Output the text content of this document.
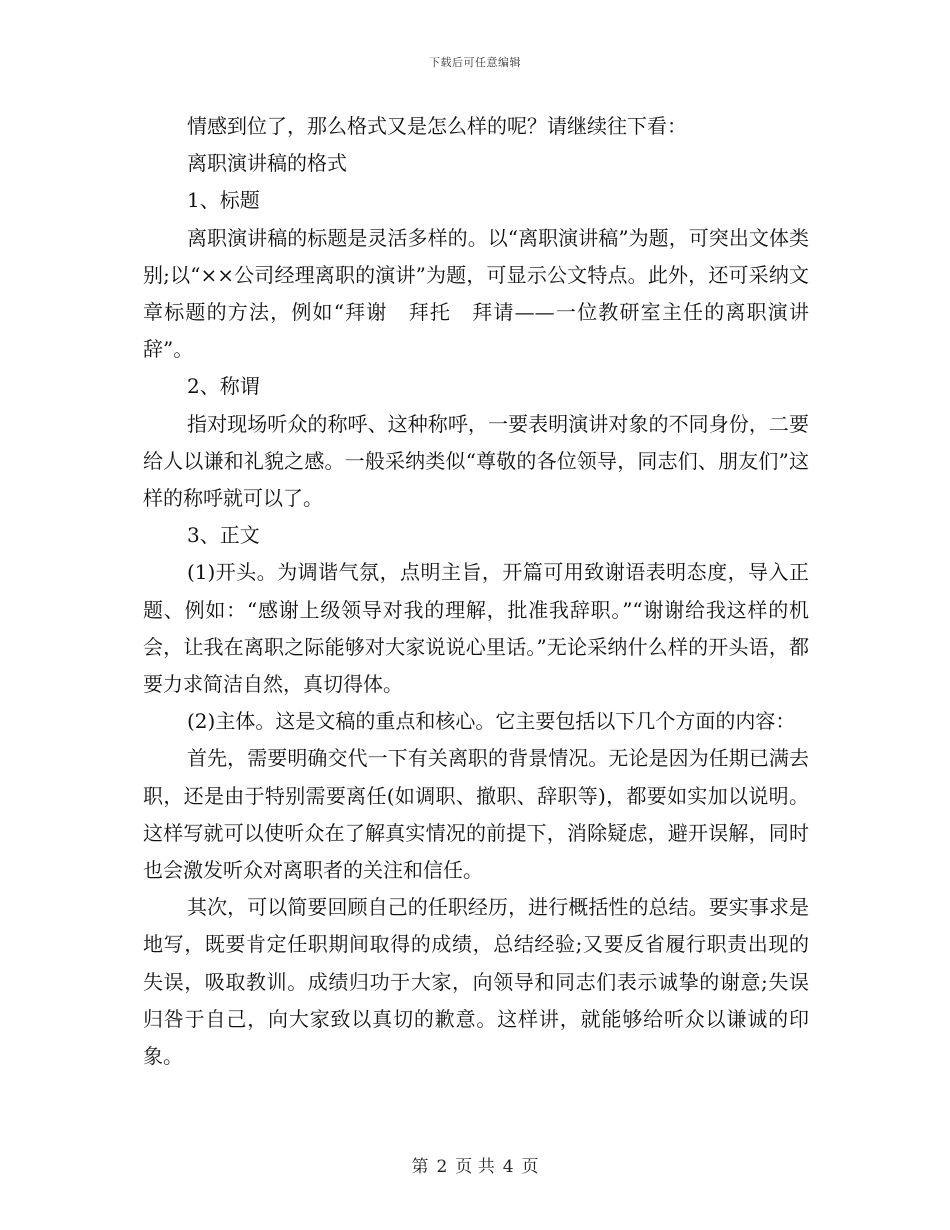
下载后可任意编辑

情感到位了，那么格式又是怎么样的呢？请继续往下看：

离职演讲稿的格式

1、标题

离职演讲稿的标题是灵活多样的。以“离职演讲稿”为题，可突出文体类别;以“××公司经理离职的演讲”为题，可显示公文特点。此外，还可采纳文章标题的方法，例如“拜谢　拜托　拜请——一位教研室主任的离职演讲辞”。

2、称谓

指对现场听众的称呼、这种称呼，一要表明演讲对象的不同身份，二要给人以谦和礼貌之感。一般采纳类似“尊敬的各位领导，同志们、朋友们”这样的称呼就可以了。

3、正文

(1)开头。为调谐气氛，点明主旨，开篇可用致谢语表明态度，导入正题、例如：“感谢上级领导对我的理解，批准我辞职。”“谢谢给我这样的机会，让我在离职之际能够对大家说说心里话。”无论采纳什么样的开头语，都要力求简洁自然，真切得体。

(2)主体。这是文稿的重点和核心。它主要包括以下几个方面的内容：

首先，需要明确交代一下有关离职的背景情况。无论是因为任期已满去职，还是由于特别需要离任(如调职、撤职、辞职等)，都要如实加以说明。这样写就可以使听众在了解真实情况的前提下，消除疑虑，避开误解，同时也会激发听众对离职者的关注和信任。

其次，可以简要回顾自己的任职经历，进行概括性的总结。要实事求是地写，既要肯定任职期间取得的成绩，总结经验;又要反省履行职责出现的失误，吸取教训。成绩归功于大家，向领导和同志们表示诚挚的谢意;失误归咎于自己，向大家致以真切的歉意。这样讲，就能够给听众以谦诚的印象。

第 2 页 共 4 页
